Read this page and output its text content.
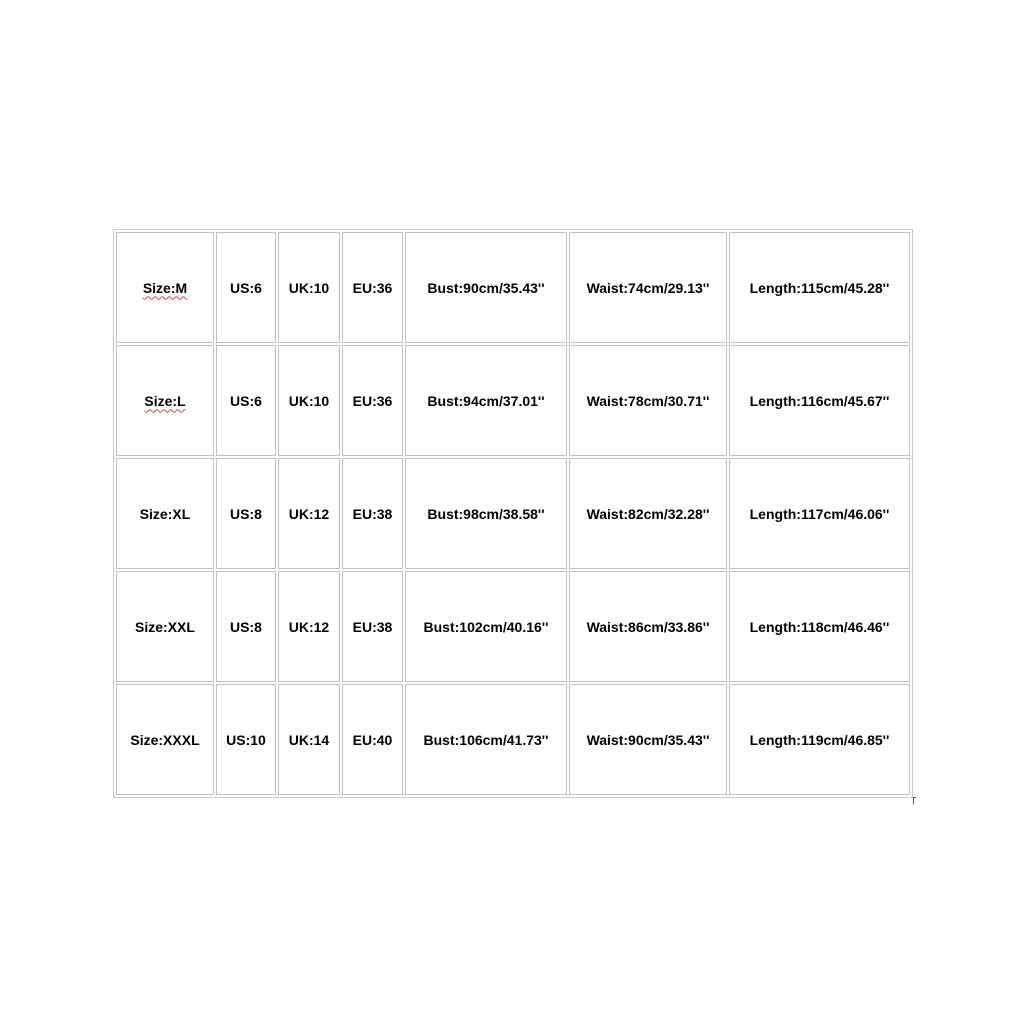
Size:M	US:6	UK:10	EU:36	Bust:90cm/35.43''	Waist:74cm/29.13''	Length:115cm/45.28''
Size:L	US:6	UK:10	EU:36	Bust:94cm/37.01''	Waist:78cm/30.71''	Length:116cm/45.67''
Size:XL	US:8	UK:12	EU:38	Bust:98cm/38.58''	Waist:82cm/32.28''	Length:117cm/46.06''
Size:XXL	US:8	UK:12	EU:38	Bust:102cm/40.16''	Waist:86cm/33.86''	Length:118cm/46.46''
Size:XXXL	US:10	UK:14	EU:40	Bust:106cm/41.73''	Waist:90cm/35.43''	Length:119cm/46.85''
